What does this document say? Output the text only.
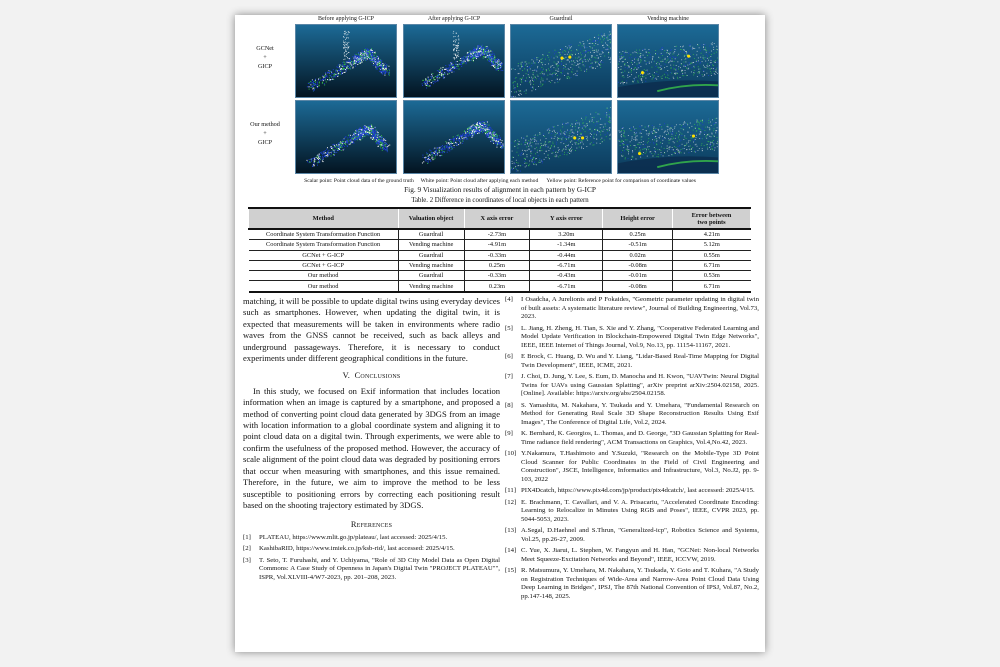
Before applying G-ICP	After applying G-ICP	Guardrail	Vending machine
GCNet
+
GICP
Our method
+
GICP
Scalar point: Point cloud data of the ground truth     White point: Point cloud after applying each method      Yellow point: Reference point for comparison of coordinate values
Fig. 9 Visualization results of alignment in each pattern by G-ICP
Table. 2 Difference in coordinates of local objects in each pattern
Method	Valuation object	X axis error	Y axis error	Height error	Error between two points
Coordinate System Transformation Function	Guardrail	-2.73m	3.20m	0.25m	4.21m
Coordinate System Transformation Function	Vending machine	-4.91m	-1.34m	-0.51m	5.12m
GCNet + G-ICP	Guardrail	-0.33m	-0.44m	0.02m	0.55m
GCNet + G-ICP	Vending machine	0.25m	-6.71m	-0.08m	6.71m
Our method	Guardrail	-0.33m	-0.43m	-0.01m	0.53m
Our method	Vending machine	0.23m	-6.71m	-0.08m	6.71m

matching, it will be possible to update digital twins using everyday devices such as smartphones. However, when updating the digital twin, it is expected that measurements will be taken in environments where radio waves from the GNSS cannot be received, such as back alleys and underground passageways. Therefore, it is necessary to conduct experiments under different geographical conditions in the future.

V. Conclusions

In this study, we focused on Exif information that includes location information when an image is captured by a smartphone, and proposed a method of converting point cloud data generated by 3DGS from an image with location information to a global coordinate system and aligning it to point cloud data on a digital twin. Through experiments, we were able to confirm the usefulness of the proposed method. However, the accuracy of scale alignment of the point cloud data was degraded by positioning errors that occur when measuring with smartphones, and this issue remained. Therefore, in the future, we aim to improve the method to be less susceptible to positioning errors by correcting each positioning result based on the shooting trajectory estimated by 3DGS.

References
[1]	PLATEAU, https://www.mlit.go.jp/plateau/, last accessed: 2025/4/15.
[2]	KashibaRID, https://www.imiek.co.jp/ksb-rid/, last accessed: 2025/4/15.
[3]	T. Seto, T. Furuhashi, and Y. Uchiyama, "Role of 3D City Model Data as Open Digital Commons: A Case Study of Openness in Japan's Digital Twin "PROJECT PLATEAU"", ISPR, Vol.XLVIII-4/W7-2023, pp. 201–208, 2023.
[4]	I Osadcha, A Jurelionis and P Fokaides, "Geometric parameter updating in digital twin of built assets: A systematic literature review", Journal of Building Engineering, Vol.73, 2023.
[5]	L. Jiang, H. Zheng, H. Tian, S. Xie and Y. Zhang, "Cooperative Federated Learning and Model Update Verification in Blockchain-Empowered Digital Twin Edge Networks", IEEE, IEEE Internet of Things Journal, Vol.9, No.13, pp. 11154-11167, 2021.
[6]	E Brock, C. Huang, D. Wu and Y. Liang, "Lidar-Based Real-Time Mapping for Digital Twin Development", IEEE, ICME, 2021.
[7]	J. Choi, D. Jung, Y. Lee, S. Eum, D. Manocha and H. Kwon, "UAVTwin: Neural Digital Twins for UAVs using Gaussian Splatting", arXiv preprint arXiv:2504.02158, 2025. [Online]. Available: https://arxiv.org/abs/2504.02158.
[8]	S. Yamashita, M. Nakahara, Y. Tsukada and Y. Umehara, "Fundamental Research on Method for Generating Real Scale 3D Shape Reconstruction Results Using Exif Images", The Conference of Digital Life, Vol.2, 2024.
[9]	K. Bernhard, K. Georgios, L. Thomas, and D. George, "3D Gaussian Splatting for Real-Time radiance field rendering", ACM Transactions on Graphics, Vol.4,No.42, 2023.
[10] Y.Nakamura, T.Hashimoto and Y.Suzuki, "Research on the Mobile-Type 3D Point Cloud Scanner for Public Coordinates in the Field of Civil Engineering and Construction", JSCE, Intelligence, Informatics and Infrastructure, Vol.3, No.J2, pp. 9-103, 2022
[11] PIX4Dcatch, https://www.pix4d.com/jp/product/pix4dcatch/, last accessed: 2025/4/15.
[12] E. Brachmann, T. Cavallari, and V. A. Prisacariu, "Accelerated Coordinate Encoding: Learning to Relocalize in Minutes Using RGB and Poses", IEEE, CVPR 2023, pp. 5044-5053, 2023.
[13] A.Segal, D.Haehnel and S.Thrun, "Generalized-icp", Robotics Science and Systems, Vol.25, pp.26-27, 2009.
[14] C. Yue, X. Jiarui, L. Stephen, W. Fangyun and H. Han, "GCNet: Non-local Networks Meet Squeeze-Excitation Networks and Beyond", IEEE, ICCVW, 2019.
[15] R. Matsumura, Y. Umehara, M. Nakahara, Y. Tsukada, Y. Goto and T. Kuhara, "A Study on Registration Techniques of Wide-Area and Narrow-Area Point Cloud Data Using Deep Learning in Bridges", IPSJ, The 87th National Convention of IPSJ, Vol.87, No.2, pp.147-148, 2025.
